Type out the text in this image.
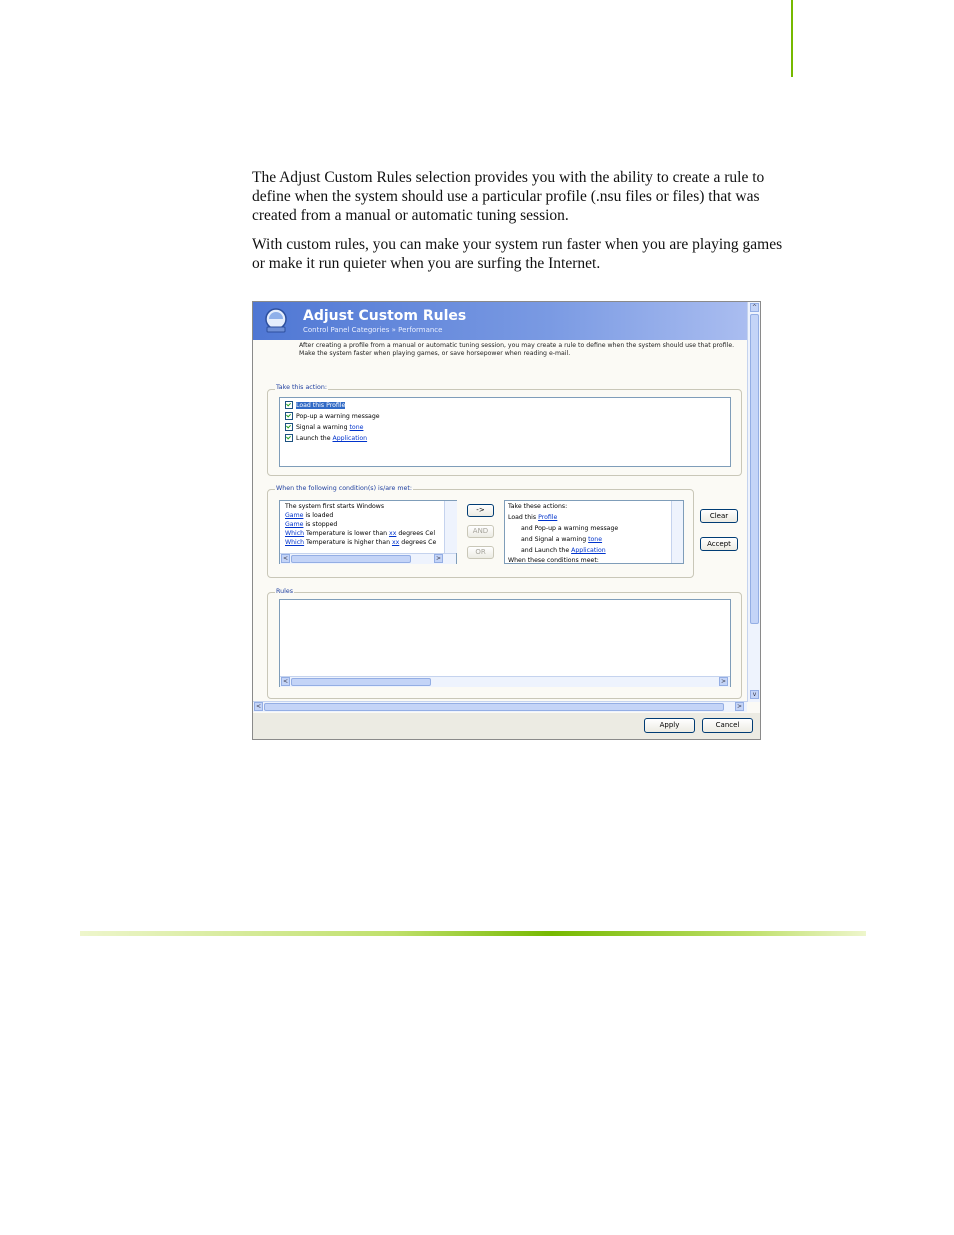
The Adjust Custom Rules selection provides you with the ability to create a rule to define when the system should use a particular profile (.nsu files or files) that was created from a manual or automatic tuning session.

With custom rules, you can make your system run faster when you are playing games or make it run quieter when you are surfing the Internet.

Adjust Custom Rules
Control Panel Categories » Performance
^
v
After creating a profile from a manual or automatic tuning session, you may create a rule to define when the system should use that profile. Make the system faster when playing games, or save horsepower when reading e-mail.
Take this action:
Load this Profile
Pop-up a warning message
Signal a warning tone
Launch the Application
When the following condition(s) is/are met:
The system first starts Windows
Game is loaded
Game is stopped
Which Temperature is lower than xx degrees Cel
Which Temperature is higher than xx degrees Ce
<	>
->
AND
OR
Take these actions:
Load this Profile
and Pop-up a warning message
and Signal a warning tone
and Launch the Application
When these conditions meet:
Clear
Accept
Rules
<	>
<	>
Apply	Cancel
